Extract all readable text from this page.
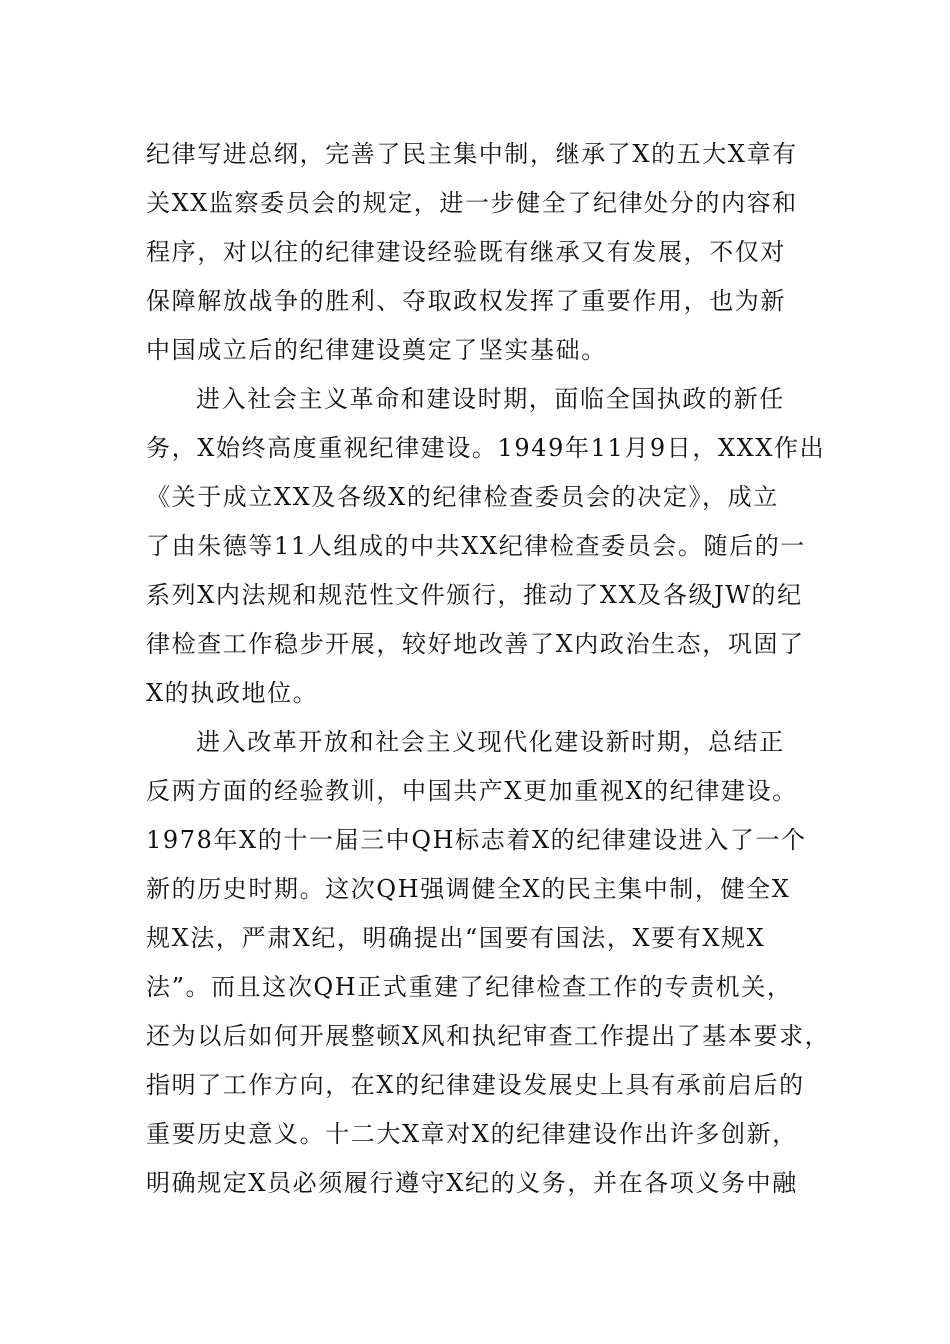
纪律写进总纲，完善了民主集中制，继承了X的五大X章有
关XX监察委员会的规定，进一步健全了纪律处分的内容和
程序，对以往的纪律建设经验既有继承又有发展，不仅对
保障解放战争的胜利、夺取政权发挥了重要作用，也为新
中国成立后的纪律建设奠定了坚实基础。
进入社会主义革命和建设时期，面临全国执政的新任
务，X始终高度重视纪律建设。1949年11月9日，XXX作出
《关于成立XX及各级X的纪律检查委员会的决定》，成立
了由朱德等11人组成的中共XX纪律检查委员会。随后的一
系列X内法规和规范性文件颁行，推动了XX及各级JW的纪
律检查工作稳步开展，较好地改善了X内政治生态，巩固了
X的执政地位。
进入改革开放和社会主义现代化建设新时期，总结正
反两方面的经验教训，中国共产X更加重视X的纪律建设。
1978年X的十一届三中QH标志着X的纪律建设进入了一个
新的历史时期。这次QH强调健全X的民主集中制，健全X
规X法，严肃X纪，明确提出“国要有国法，X要有X规X
法”。而且这次QH正式重建了纪律检查工作的专责机关，
还为以后如何开展整顿X风和执纪审查工作提出了基本要求，
指明了工作方向，在X的纪律建设发展史上具有承前启后的
重要历史意义。十二大X章对X的纪律建设作出许多创新，
明确规定X员必须履行遵守X纪的义务，并在各项义务中融
